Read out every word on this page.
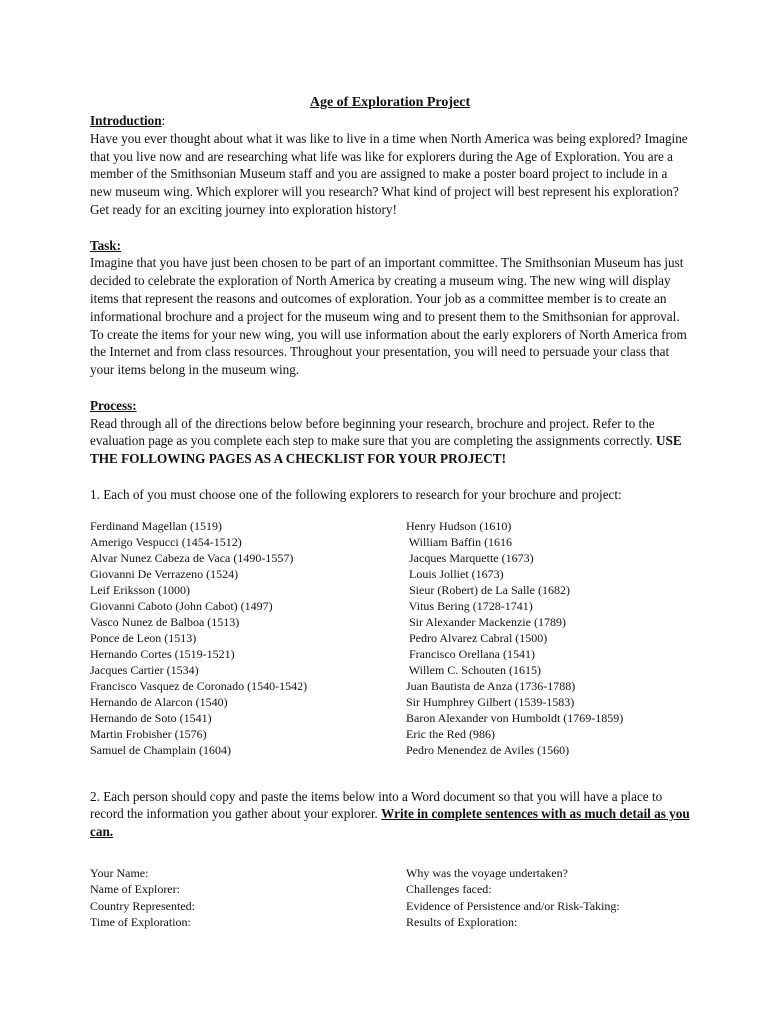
Age of Exploration Project

Introduction:

Have you ever thought about what it was like to live in a time when North America was being explored? Imagine that you live now and are researching what life was like for explorers during the Age of Exploration. You are a member of the Smithsonian Museum staff and you are assigned to make a poster board project to include in a new museum wing. Which explorer will you research? What kind of project will best represent his exploration? Get ready for an exciting journey into exploration history!

Task:

Imagine that you have just been chosen to be part of an important committee. The Smithsonian Museum has just decided to celebrate the exploration of North America by creating a museum wing. The new wing will display items that represent the reasons and outcomes of exploration. Your job as a committee member is to create an informational brochure and a project for the museum wing and to present them to the Smithsonian for approval. To create the items for your new wing, you will use information about the early explorers of North America from the Internet and from class resources. Throughout your presentation, you will need to persuade your class that your items belong in the museum wing.

Process:

Read through all of the directions below before beginning your research, brochure and project. Refer to the evaluation page as you complete each step to make sure that you are completing the assignments correctly. USE THE FOLLOWING PAGES AS A CHECKLIST FOR YOUR PROJECT!

1. Each of you must choose one of the following explorers to research for your brochure and project:

Ferdinand Magellan (1519)

Amerigo Vespucci (1454-1512)

Alvar Nunez Cabeza de Vaca (1490-1557)

Giovanni De Verrazeno (1524)

Leif Eriksson (1000)

Giovanni Caboto (John Cabot) (1497)

Vasco Nunez de Balboa (1513)

Ponce de Leon (1513)

Hernando Cortes (1519-1521)

Jacques Cartier (1534)

Francisco Vasquez de Coronado (1540-1542)

Hernando de Alarcon (1540)

Hernando de Soto (1541)

Martin Frobisher (1576)

Samuel de Champlain (1604)

Henry Hudson (1610)

William Baffin (1616

Jacques Marquette (1673)

Louis Jolliet (1673)

Sieur (Robert) de La Salle (1682)

Vitus Bering (1728-1741)

Sir Alexander Mackenzie (1789)

Pedro Alvarez Cabral (1500)

Francisco Orellana (1541)

Willem C. Schouten (1615)

Juan Bautista de Anza (1736-1788)

Sir Humphrey Gilbert (1539-1583)

Baron Alexander von Humboldt (1769-1859)

Eric the Red (986)

Pedro Menendez de Aviles (1560)

2. Each person should copy and paste the items below into a Word document so that you will have a place to record the information you gather about your explorer. Write in complete sentences with as much detail as you can.

Your Name:

Name of Explorer:

Country Represented:

Time of Exploration:

Why was the voyage undertaken?

Challenges faced:

Evidence of Persistence and/or Risk-Taking:

Results of Exploration:
